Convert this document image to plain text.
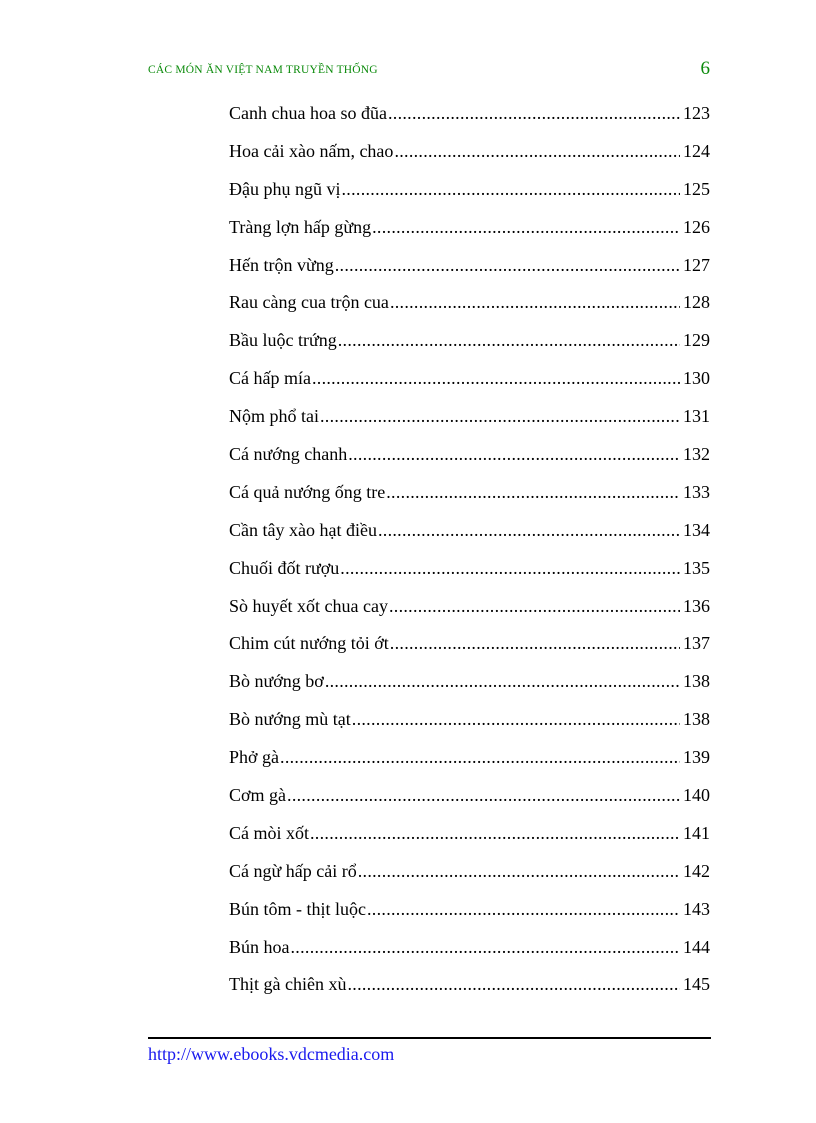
CÁC MÓN ĂN VIỆT NAM TRUYỀN THỐNG	6
Canh chua hoa so đũa .....	123
Hoa cải xào nấm, chao .....	124
Đậu phụ ngũ vị .....	125
Tràng lợn hấp gừng .....	126
Hến trộn vừng .....	127
Rau càng cua trộn cua .....	128
Bầu luộc trứng .....	129
Cá hấp mía .....	130
Nộm phổ tai .....	131
Cá nướng chanh .....	132
Cá quả nướng ống tre .....	133
Cần tây xào hạt điều .....	134
Chuối đốt rượu .....	135
Sò huyết xốt chua cay .....	136
Chim cút nướng tỏi ớt .....	137
Bò nướng bơ .....	138
Bò nướng mù tạt .....	138
Phở gà .....	139
Cơm gà .....	140
Cá mòi xốt .....	141
Cá ngừ hấp cải rổ .....	142
Bún tôm - thịt luộc .....	143
Bún hoa .....	144
Thịt gà chiên xù .....	145
http://www.ebooks.vdcmedia.com
